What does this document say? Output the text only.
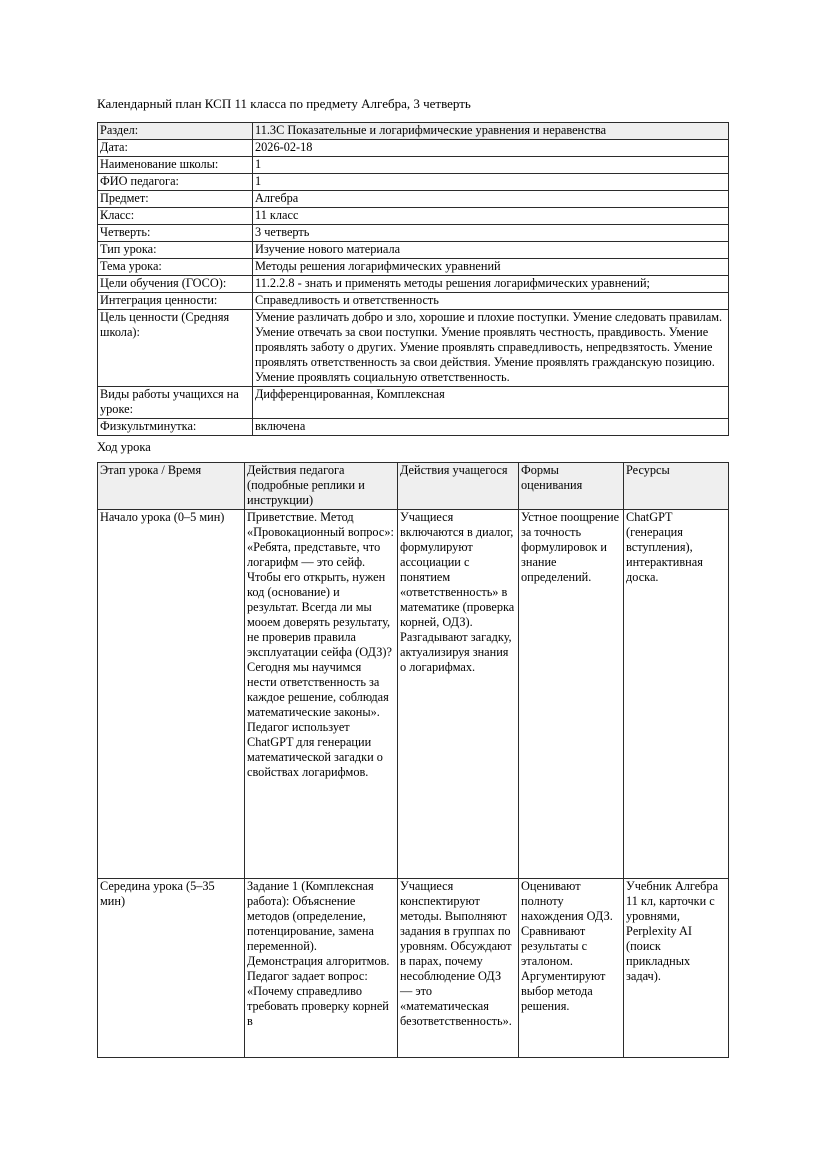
Календарный план КСП 11 класса по предмету Алгебра, 3 четверть
Раздел:	11.3C Показательные и логарифмические уравнения и неравенства
Дата:	2026-02-18
Наименование школы:	1
ФИО педагога:	1
Предмет:	Алгебра
Класс:	11 класс
Четверть:	3 четверть
Тип урока:	Изучение нового материала
Тема урока:	Методы решения логарифмических уравнений
Цели обучения (ГОСО):	11.2.2.8 - знать и применять методы решения логарифмических уравнений;
Интеграция ценности:	Справедливость и ответственность
Цель ценности (Средняя школа):	Умение различать добро и зло, хорошие и плохие поступки. Умение следовать правилам. Умение отвечать за свои поступки. Умение проявлять честность, правдивость. Умение проявлять заботу о других. Умение проявлять справедливость, непредвзятость. Умение проявлять ответственность за свои действия. Умение проявлять гражданскую позицию. Умение проявлять социальную ответственность.
Виды работы учащихся на уроке:	Дифференцированная, Комплексная
Физкультминутка:	включена
Ход урока
Этап урока / Время	Действия педагога (подробные реплики и инструкции)	Действия учащегося	Формы оценивания	Ресурсы
Начало урока (0–5 мин)	Приветствие. Метод «Провокационный вопрос»: «Ребята, представьте, что логарифм — это сейф. Чтобы его открыть, нужен код (основание) и результат. Всегда ли мы мооем доверять результату, не проверив правила эксплуатации сейфа (ОДЗ)? Сегодня мы научимся нести ответственность за каждое решение, соблюдая математические законы». Педагог использует ChatGPT для генерации математической загадки о свойствах логарифмов.	Учащиеся включаются в диалог, формулируют ассоциации с понятием «ответственность» в математике (проверка корней, ОДЗ). Разгадывают загадку, актуализируя знания о логарифмах.	Устное поощрение за точность формулировок и знание определений.	ChatGPT (генерация вступления), интерактивная доска.
Середина урока (5–35 мин)	Задание 1 (Комплексная работа): Объяснение методов (определение, потенцирование, замена переменной). Демонстрация алгоритмов. Педагог задает вопрос: «Почему справедливо требовать проверку корней в	Учащиеся конспектируют методы. Выполняют задания в группах по уровням. Обсуждают в парах, почему несоблюдение ОДЗ — это «математическая безответственность».	Оценивают полноту нахождения ОДЗ. Сравнивают результаты с эталоном. Аргументируют выбор метода решения.	Учебник Алгебра 11 кл, карточки с уровнями, Perplexity AI (поиск прикладных задач).
